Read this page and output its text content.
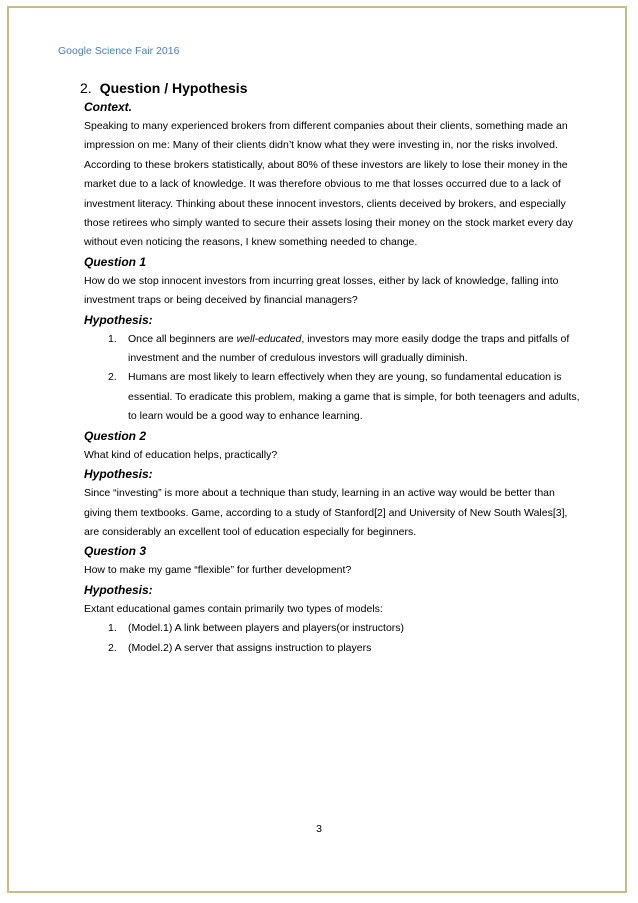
Google Science Fair 2016
2. Question / Hypothesis
Context.

Speaking to many experienced brokers from different companies about their clients, something made an impression on me: Many of their clients didn’t know what they were investing in, nor the risks involved. According to these brokers statistically, about 80% of these investors are likely to lose their money in the market due to a lack of knowledge. It was therefore obvious to me that losses occurred due to a lack of investment literacy. Thinking about these innocent investors, clients deceived by brokers, and especially those retirees who simply wanted to secure their assets losing their money on the stock market every day without even noticing the reasons, I knew something needed to change.

Question 1

How do we stop innocent investors from incurring great losses, either by lack of knowledge, falling into investment traps or being deceived by financial managers?

Hypothesis:
1. Once all beginners are well-educated, investors may more easily dodge the traps and pitfalls of investment and the number of credulous investors will gradually diminish.
2. Humans are most likely to learn effectively when they are young, so fundamental education is essential. To eradicate this problem, making a game that is simple, for both teenagers and adults, to learn would be a good way to enhance learning.
Question 2

What kind of education helps, practically?

Hypothesis:

Since “investing” is more about a technique than study, learning in an active way would be better than giving them textbooks. Game, according to a study of Stanford[2] and University of New South Wales[3], are considerably an excellent tool of education especially for beginners.

Question 3

How to make my game “flexible” for further development?

Hypothesis:

Extant educational games contain primarily two types of models:

1. (Model.1) A link between players and players(or instructors)
2. (Model.2) A server that assigns instruction to players
3
